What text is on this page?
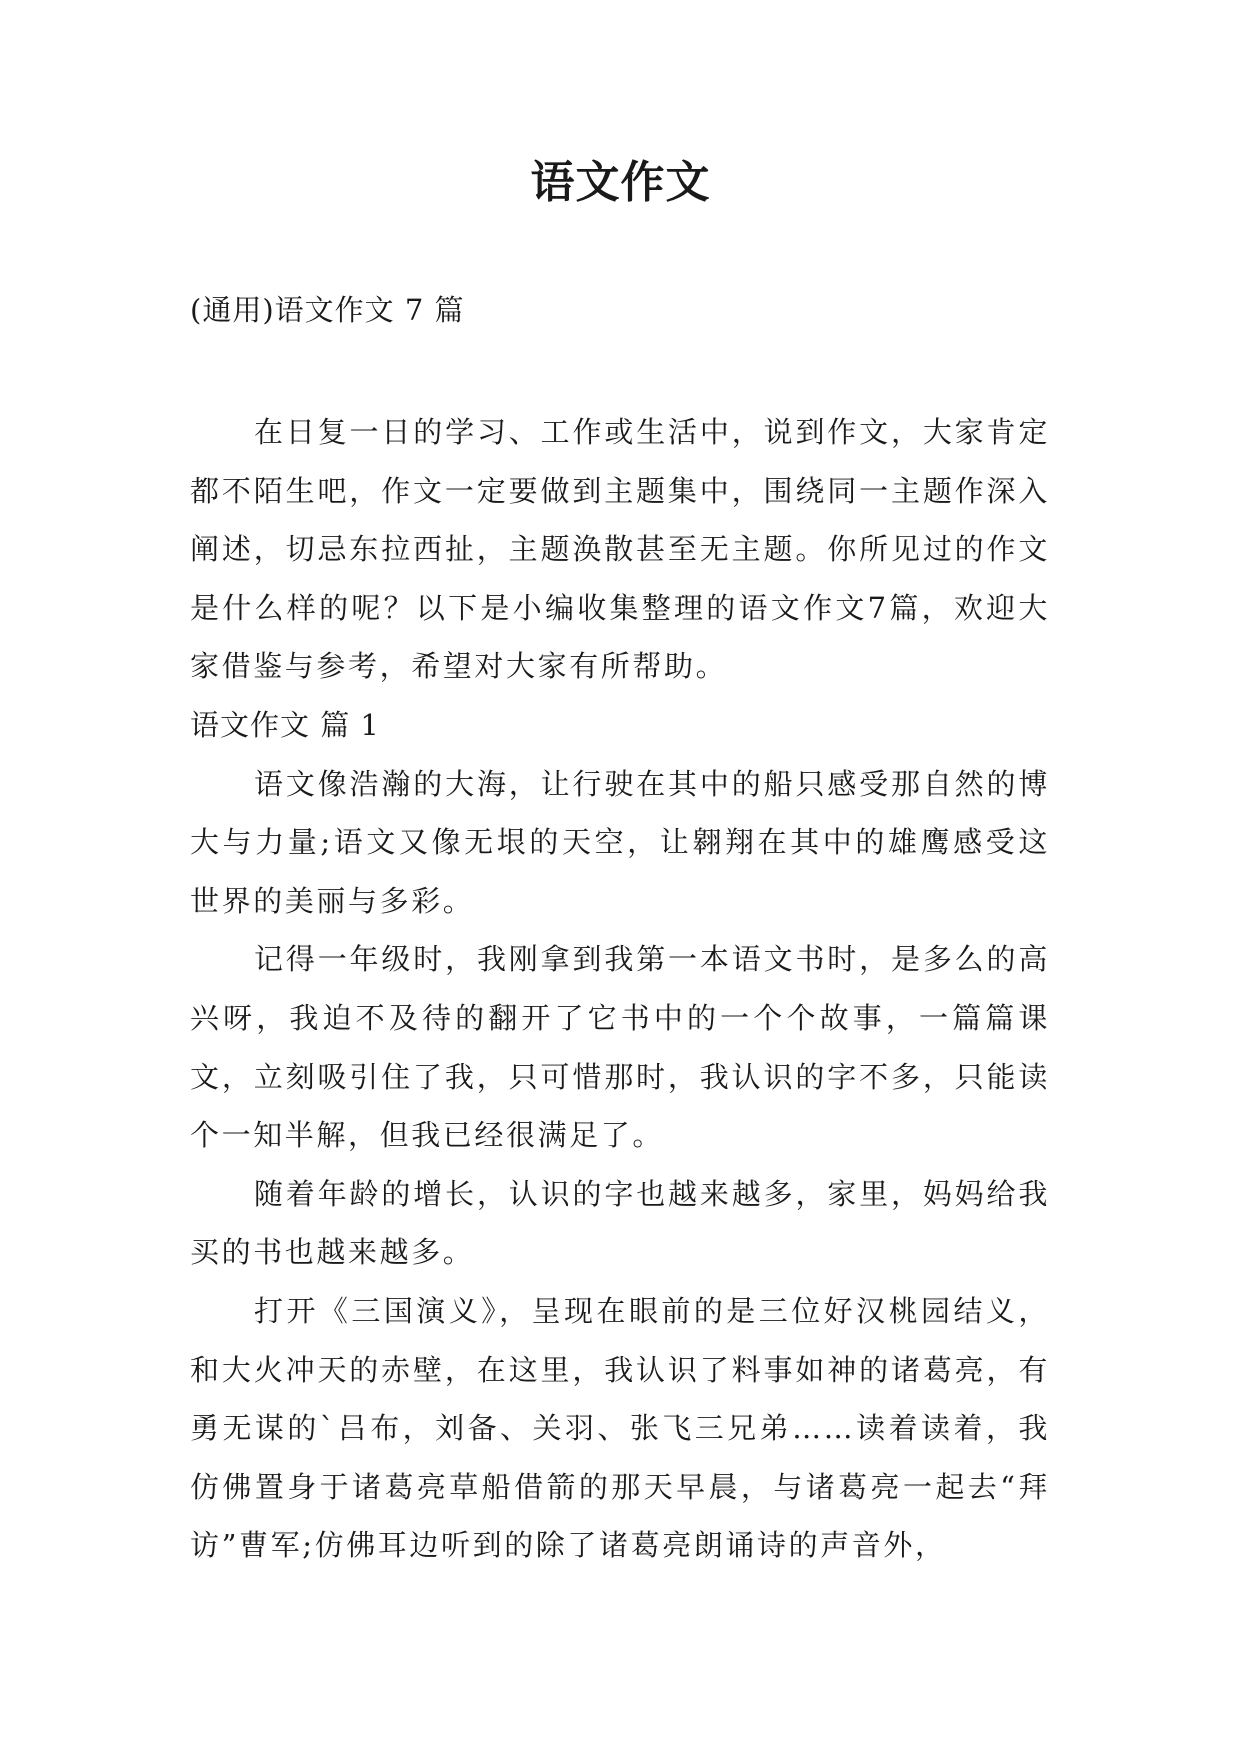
语文作文
(通用)语文作文 7 篇

在日复一日的学习、工作或生活中，说到作文，大家肯定都不陌生吧，作文一定要做到主题集中，围绕同一主题作深入阐述，切忌东拉西扯，主题涣散甚至无主题。你所见过的作文是什么样的呢？以下是小编收集整理的语文作文7篇，欢迎大家借鉴与参考，希望对大家有所帮助。

语文作文 篇 1

语文像浩瀚的大海，让行驶在其中的船只感受那自然的博大与力量;语文又像无垠的天空，让翱翔在其中的雄鹰感受这世界的美丽与多彩。

记得一年级时，我刚拿到我第一本语文书时，是多么的高兴呀，我迫不及待的翻开了它书中的一个个故事，一篇篇课文，立刻吸引住了我，只可惜那时，我认识的字不多，只能读个一知半解，但我已经很满足了。

随着年龄的增长，认识的字也越来越多，家里，妈妈给我买的书也越来越多。

打开《三国演义》，呈现在眼前的是三位好汉桃园结义，和大火冲天的赤壁，在这里，我认识了料事如神的诸葛亮，有勇无谋的`吕布，刘备、关羽、张飞三兄弟……读着读着，我仿佛置身于诸葛亮草船借箭的那天早晨，与诸葛亮一起去“拜访”曹军;仿佛耳边听到的除了诸葛亮朗诵诗的声音外，
